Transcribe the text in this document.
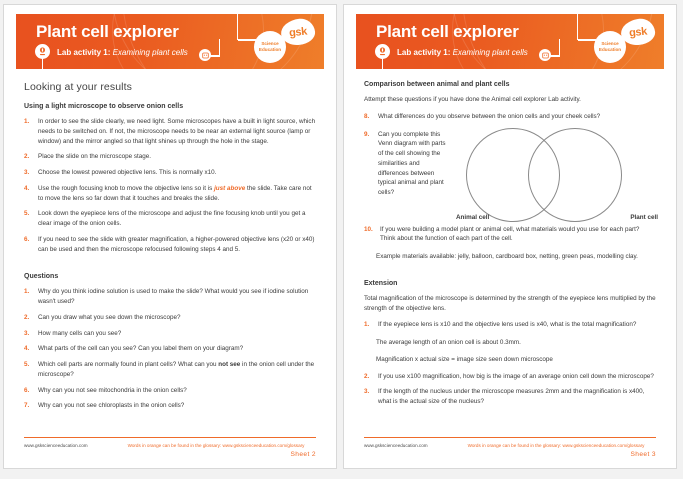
Plant cell explorer
Lab activity 1: Examining plant cells
Science Education
gsk
Looking at your results
Using a light microscope to observe onion cells
1. In order to see the slide clearly, we need light. Some microscopes have a built in light source, which needs to be switched on. If not, the microscope needs to be near an external light source (lamp or window) and the mirror angled so that light shines up through the hole in the stage.
2. Place the slide on the microscope stage.
3. Choose the lowest powered objective lens. This is normally x10.
4. Use the rough focusing knob to move the objective lens so it is just above the slide. Take care not to move the lens so far down that it touches and breaks the slide.
5. Look down the eyepiece lens of the microscope and adjust the fine focusing knob until you get a clear image of the onion cells.
6. If you need to see the slide with greater magnification, a higher-powered objective lens (x20 or x40) can be used and then the microscope refocused following steps 4 and 5.
Questions
1. Why do you think iodine solution is used to make the slide? What would you see if iodine solution wasn't used?
2. Can you draw what you see down the microscope?
3. How many cells can you see?
4. What parts of the cell can you see? Can you label them on your diagram?
5. Which cell parts are normally found in plant cells? What can you not see in the onion cell under the microscope?
6. Why can you not see mitochondria in the onion cells?
7. Why can you not see chloroplasts in the onion cells?
www.gskscienceeducation.com	Words in orange can be found in the glossary: www.gskscienceeducation.com/glossary
Sheet 2
Plant cell explorer
Lab activity 1: Examining plant cells
Science Education
gsk
Comparison between animal and plant cells

Attempt these questions if you have done the Animal cell explorer Lab activity.

8. What differences do you observe between the onion cells and your cheek cells?
9. Can you complete this Venn diagram with parts of the cell showing the similarities and differences between typical animal and plant cells?
Animal cell	Plant cell
10. If you were building a model plant or animal cell, what materials would you use for each part? Think about the function of each part of the cell.

Example materials available: jelly, balloon, cardboard box, netting, green peas, modelling clay.

Extension

Total magnification of the microscope is determined by the strength of the eyepiece lens multiplied by the strength of the objective lens.

1. If the eyepiece lens is x10 and the objective lens used is x40, what is the total magnification?

The average length of an onion cell is about 0.3mm.

Magnification x actual size = image size seen down microscope

2. If you use x100 magnification, how big is the image of an average onion cell down the microscope?
3. If the length of the nucleus under the microscope measures 2mm and the magnification is x400, what is the actual size of the nucleus?
www.gskscienceeducation.com	Words in orange can be found in the glossary: www.gskscienceeducation.com/glossary
Sheet 3
